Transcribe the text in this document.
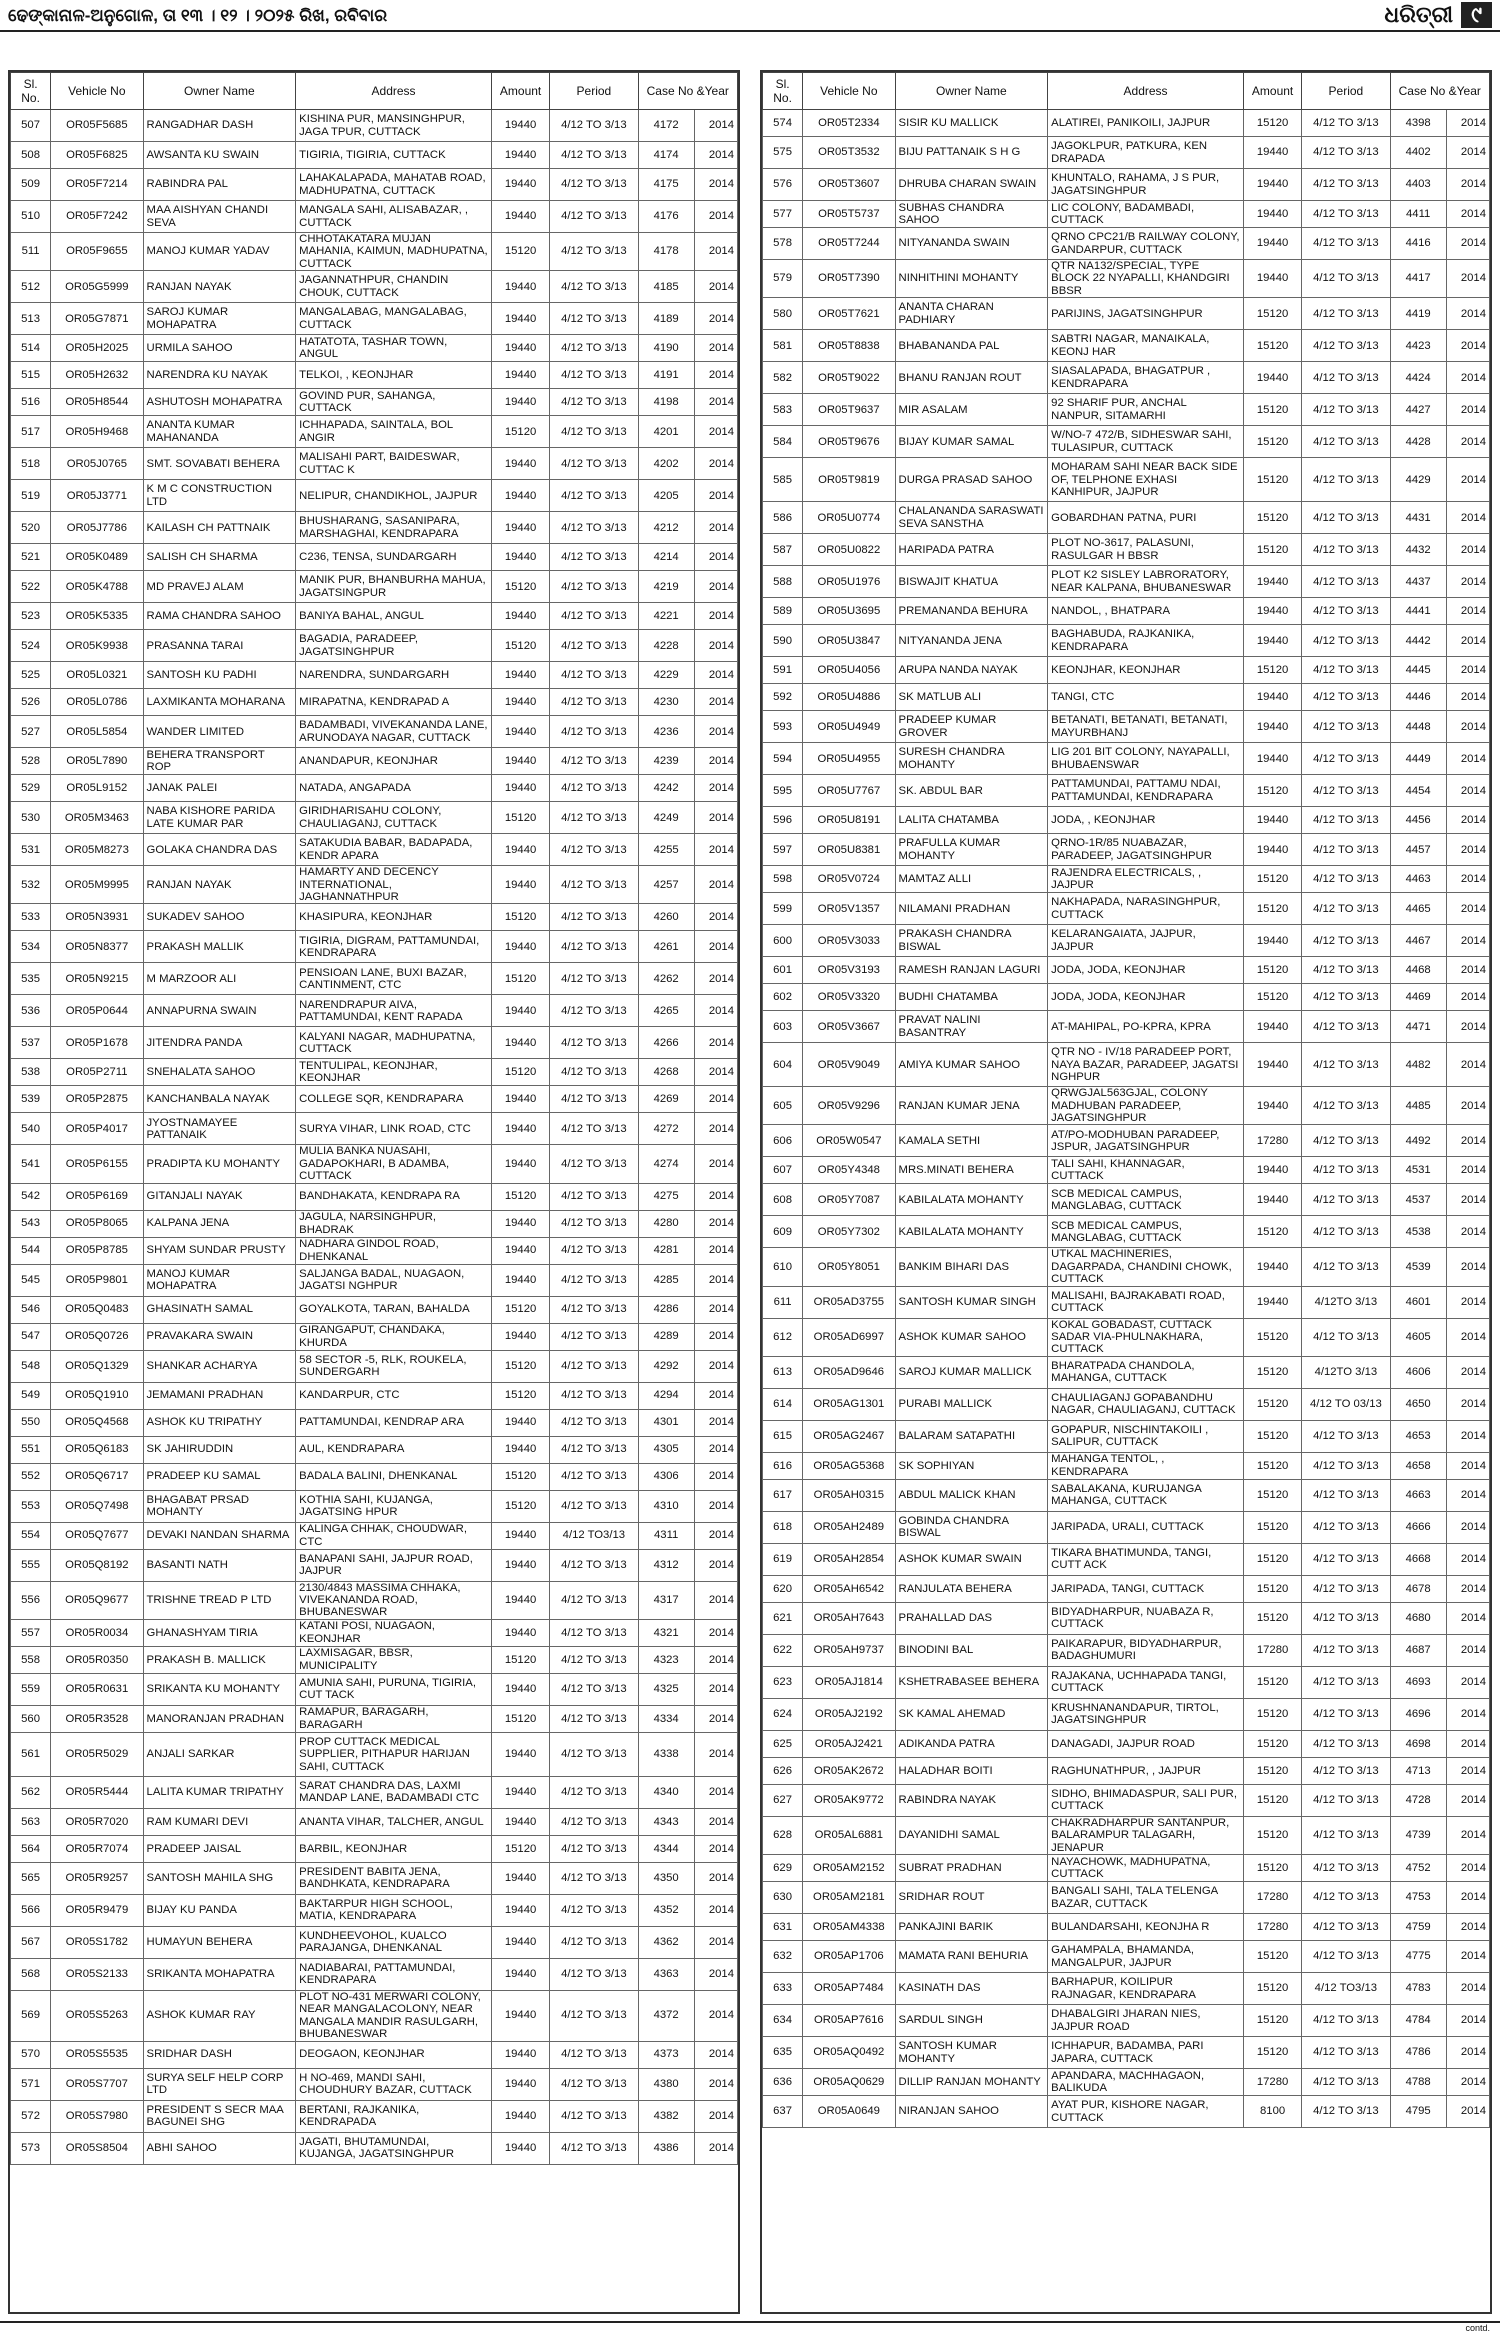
ଢେଙ୍କାନାଳ-ଅନୁଗୋଳ, ତା ୧୩ । ୧୨ । ୨୦୨୫ ରିଖ, ରବିବାର	ଧରିତ୍ରୀ ୯
Sl. No.	Vehicle No	Owner Name	Address	Amount	Period	Case No &Year	
507	OR05F5685	RANGADHAR DASH	KISHINA PUR, MANSINGHPUR, JAGA TPUR, CUTTACK	19440	4/12 TO 3/13	4172	2014
508	OR05F6825	AWSANTA KU SWAIN	TIGIRIA, TIGIRIA, CUTTACK	19440	4/12 TO 3/13	4174	2014
509	OR05F7214	RABINDRA PAL	LAHAKALAPADA, MAHATAB ROAD, MADHUPATNA, CUTTACK	19440	4/12 TO 3/13	4175	2014
510	OR05F7242	MAA AISHYAN CHANDI SEVA	MANGALA SAHI, ALISABAZAR, , CUTTACK	19440	4/12 TO 3/13	4176	2014
511	OR05F9655	MANOJ KUMAR YADAV	CHHOTAKATARA MUJAN MAHANIA, KAIMUN, MADHUPATNA, CUTTACK	15120	4/12 TO 3/13	4178	2014
512	OR05G5999	RANJAN NAYAK	JAGANNATHPUR, CHANDIN CHOUK, CUTTACK	19440	4/12 TO 3/13	4185	2014
513	OR05G7871	SAROJ KUMAR MOHAPATRA	MANGALABAG, MANGALABAG, CUTTACK	19440	4/12 TO 3/13	4189	2014
514	OR05H2025	URMILA SAHOO	HATATOTA, TASHAR TOWN, ANGUL	19440	4/12 TO 3/13	4190	2014
515	OR05H2632	NARENDRA KU NAYAK	TELKOI, , KEONJHAR	19440	4/12 TO 3/13	4191	2014
516	OR05H8544	ASHUTOSH MOHAPATRA	GOVIND PUR, SAHANGA, CUTTACK	19440	4/12 TO 3/13	4198	2014
517	OR05H9468	ANANTA KUMAR MAHANANDA	ICHHAPADA, SAINTALA, BOL ANGIR	15120	4/12 TO 3/13	4201	2014
518	OR05J0765	SMT. SOVABATI BEHERA	MALISAHI PART, BAIDESWAR, CUTTAC K	19440	4/12 TO 3/13	4202	2014
519	OR05J3771	K M C CONSTRUCTION LTD	NELIPUR, CHANDIKHOL, JAJPUR	19440	4/12 TO 3/13	4205	2014
520	OR05J7786	KAILASH CH PATTNAIK	BHUSHARANG, SASANIPARA, MARSHAGHAI, KENDRAPARA	19440	4/12 TO 3/13	4212	2014
521	OR05K0489	SALISH CH SHARMA	C236, TENSA, SUNDARGARH	19440	4/12 TO 3/13	4214	2014
522	OR05K4788	MD PRAVEJ ALAM	MANIK PUR, BHANBURHA MAHUA, JAGATSINGPUR	15120	4/12 TO 3/13	4219	2014
523	OR05K5335	RAMA CHANDRA SAHOO	BANIYA BAHAL, ANGUL	19440	4/12 TO 3/13	4221	2014
524	OR05K9938	PRASANNA TARAI	BAGADIA, PARADEEP, JAGATSINGHPUR	15120	4/12 TO 3/13	4228	2014
525	OR05L0321	SANTOSH KU PADHI	NARENDRA, SUNDARGARH	19440	4/12 TO 3/13	4229	2014
526	OR05L0786	LAXMIKANTA MOHARANA	MIRAPATNA, KENDRAPAD A	19440	4/12 TO 3/13	4230	2014
527	OR05L5854	WANDER LIMITED	BADAMBADI, VIVEKANANDA LANE, ARUNODAYA NAGAR, CUTTACK	19440	4/12 TO 3/13	4236	2014
528	OR05L7890	BEHERA TRANSPORT ROP	ANANDAPUR, KEONJHAR	19440	4/12 TO 3/13	4239	2014
529	OR05L9152	JANAK PALEI	NATADA, ANGAPADA	19440	4/12 TO 3/13	4242	2014
530	OR05M3463	NABA KISHORE PARIDA LATE KUMAR PAR	GIRIDHARISAHU COLONY, CHAULIAGANJ, CUTTACK	15120	4/12 TO 3/13	4249	2014
531	OR05M8273	GOLAKA CHANDRA DAS	SATAKUDIA BABAR, BADAPADA, KENDR APARA	19440	4/12 TO 3/13	4255	2014
532	OR05M9995	RANJAN NAYAK	HAMARTY AND DECENCY INTERNATIONAL, JAGHANNATHPUR	19440	4/12 TO 3/13	4257	2014
533	OR05N3931	SUKADEV SAHOO	KHASIPURA, KEONJHAR	15120	4/12 TO 3/13	4260	2014
534	OR05N8377	PRAKASH MALLIK	TIGIRIA, DIGRAM, PATTAMUNDAI, KENDRAPARA	19440	4/12 TO 3/13	4261	2014
535	OR05N9215	M MARZOOR ALI	PENSIOAN LANE, BUXI BAZAR, CANTINMENT, CTC	15120	4/12 TO 3/13	4262	2014
536	OR05P0644	ANNAPURNA SWAIN	NARENDRAPUR AIVA, PATTAMUNDAI, KENT RAPADA	19440	4/12 TO 3/13	4265	2014
537	OR05P1678	JITENDRA PANDA	KALYANI NAGAR, MADHUPATNA, CUTTACK	19440	4/12 TO 3/13	4266	2014
538	OR05P2711	SNEHALATA SAHOO	TENTULIPAL, KEONJHAR, KEONJHAR	15120	4/12 TO 3/13	4268	2014
539	OR05P2875	KANCHANBALA NAYAK	COLLEGE SQR, KENDRAPARA	19440	4/12 TO 3/13	4269	2014
540	OR05P4017	JYOSTNAMAYEE PATTANAIK	SURYA VIHAR, LINK ROAD, CTC	19440	4/12 TO 3/13	4272	2014
541	OR05P6155	PRADIPTA KU MOHANTY	MULIA BANKA NUASAHI, GADAPOKHARI, B ADAMBA, CUTTACK	19440	4/12 TO 3/13	4274	2014
542	OR05P6169	GITANJALI NAYAK	BANDHAKATA, KENDRAPA RA	15120	4/12 TO 3/13	4275	2014
543	OR05P8065	KALPANA JENA	JAGULA, NARSINGHPUR, BHADRAK	19440	4/12 TO 3/13	4280	2014
544	OR05P8785	SHYAM SUNDAR PRUSTY	NADHARA GINDOL ROAD, DHENKANAL	19440	4/12 TO 3/13	4281	2014
545	OR05P9801	MANOJ KUMAR MOHAPATRA	SALJANGA BADAL, NUAGAON, JAGATSI NGHPUR	19440	4/12 TO 3/13	4285	2014
546	OR05Q0483	GHASINATH SAMAL	GOYALKOTA, TARAN, BAHALDA	15120	4/12 TO 3/13	4286	2014
547	OR05Q0726	PRAVAKARA SWAIN	GIRANGAPUT, CHANDAKA, KHURDA	19440	4/12 TO 3/13	4289	2014
548	OR05Q1329	SHANKAR ACHARYA	58 SECTOR -5, RLK, ROUKELA, SUNDERGARH	15120	4/12 TO 3/13	4292	2014
549	OR05Q1910	JEMAMANI PRADHAN	KANDARPUR, CTC	15120	4/12 TO 3/13	4294	2014
550	OR05Q4568	ASHOK KU TRIPATHY	PATTAMUNDAI, KENDRAP ARA	19440	4/12 TO 3/13	4301	2014
551	OR05Q6183	SK JAHIRUDDIN	AUL, KENDRAPARA	19440	4/12 TO 3/13	4305	2014
552	OR05Q6717	PRADEEP KU SAMAL	BADALA BALINI, DHENKANAL	15120	4/12 TO 3/13	4306	2014
553	OR05Q7498	BHAGABAT PRSAD MOHANTY	KOTHIA SAHI, KUJANGA, JAGATSING HPUR	15120	4/12 TO 3/13	4310	2014
554	OR05Q7677	DEVAKI NANDAN SHARMA	KALINGA CHHAK, CHOUDWAR, CTC	19440	4/12 TO3/13	4311	2014
555	OR05Q8192	BASANTI NATH	BANAPANI SAHI, JAJPUR ROAD, JAJPUR	19440	4/12 TO 3/13	4312	2014
556	OR05Q9677	TRISHNE TREAD P LTD	2130/4843 MASSIMA CHHAKA, VIVEKANANDA ROAD, BHUBANESWAR	19440	4/12 TO 3/13	4317	2014
557	OR05R0034	GHANASHYAM TIRIA	KATANI POSI, NUAGAON, KEONJHAR	19440	4/12 TO 3/13	4321	2014
558	OR05R0350	PRAKASH B. MALLICK	LAXMISAGAR, BBSR, MUNICIPALITY	15120	4/12 TO 3/13	4323	2014
559	OR05R0631	SRIKANTA KU MOHANTY	AMUNIA SAHI, PURUNA, TIGIRIA, CUT TACK	19440	4/12 TO 3/13	4325	2014
560	OR05R3528	MANORANJAN PRADHAN	RAMAPUR, BARAGARH, BARAGARH	15120	4/12 TO 3/13	4334	2014
561	OR05R5029	ANJALI SARKAR	PROP CUTTACK MEDICAL SUPPLIER, PITHAPUR HARIJAN SAHI, CUTTACK	19440	4/12 TO 3/13	4338	2014
562	OR05R5444	LALITA KUMAR TRIPATHY	SARAT CHANDRA DAS, LAXMI MANDAP LANE, BADAMBADI CTC	19440	4/12 TO 3/13	4340	2014
563	OR05R7020	RAM KUMARI DEVI	ANANTA VIHAR, TALCHER, ANGUL	19440	4/12 TO 3/13	4343	2014
564	OR05R7074	PRADEEP JAISAL	BARBIL, KEONJHAR	15120	4/12 TO 3/13	4344	2014
565	OR05R9257	SANTOSH MAHILA SHG	PRESIDENT BABITA JENA, BANDHKATA, KENDRAPARA	19440	4/12 TO 3/13	4350	2014
566	OR05R9479	BIJAY KU PANDA	BAKTARPUR HIGH SCHOOL, MATIA, KENDRAPARA	19440	4/12 TO 3/13	4352	2014
567	OR05S1782	HUMAYUN BEHERA	KUNDHEEVOHOL, KUALCO PARAJANGA, DHENKANAL	19440	4/12 TO 3/13	4362	2014
568	OR05S2133	SRIKANTA MOHAPATRA	NADIABARAI, PATTAMUNDAI, KENDRAPARA	19440	4/12 TO 3/13	4363	2014
569	OR05S5263	ASHOK KUMAR RAY	PLOT NO-431 MERWARI COLONY, NEAR MANGALACOLONY, NEAR MANGALA MANDIR RASULGARH, BHUBANESWAR	19440	4/12 TO 3/13	4372	2014
570	OR05S5535	SRIDHAR DASH	DEOGAON, KEONJHAR	19440	4/12 TO 3/13	4373	2014
571	OR05S7707	SURYA SELF HELP CORP LTD	H NO-469, MANDI SAHI, CHOUDHURY BAZAR, CUTTACK	19440	4/12 TO 3/13	4380	2014
572	OR05S7980	PRESIDENT S SECR MAA BAGUNEI SHG	BERTANI, RAJKANIKA, KENDRAPADA	19440	4/12 TO 3/13	4382	2014
573	OR05S8504	ABHI SAHOO	JAGATI, BHUTAMUNDAI, KUJANGA, JAGATSINGHPUR	19440	4/12 TO 3/13	4386	2014
Sl. No.	Vehicle No	Owner Name	Address	Amount	Period	Case No &Year	
574	OR05T2334	SISIR KU MALLICK	ALATIREI, PANIKOILI, JAJPUR	15120	4/12 TO 3/13	4398	2014
575	OR05T3532	BIJU PATTANAIK S H G	JAGOKLPUR, PATKURA, KEN DRAPADA	19440	4/12 TO 3/13	4402	2014
576	OR05T3607	DHRUBA CHARAN SWAIN	KHUNTALO, RAHAMA, J S PUR, JAGATSINGHPUR	19440	4/12 TO 3/13	4403	2014
577	OR05T5737	SUBHAS CHANDRA SAHOO	LIC COLONY, BADAMBADI, CUTTACK	19440	4/12 TO 3/13	4411	2014
578	OR05T7244	NITYANANDA SWAIN	QRNO CPC21/B RAILWAY COLONY, GANDARPUR, CUTTACK	19440	4/12 TO 3/13	4416	2014
579	OR05T7390	NINHITHINI MOHANTY	QTR NA132/SPECIAL, TYPE BLOCK 22 NYAPALLI, KHANDGIRI BBSR	19440	4/12 TO 3/13	4417	2014
580	OR05T7621	ANANTA CHARAN PADHIARY	PARIJINS, JAGATSINGHPUR	15120	4/12 TO 3/13	4419	2014
581	OR05T8838	BHABANANDA PAL	SABTRI NAGAR, MANAIKALA, KEONJ HAR	15120	4/12 TO 3/13	4423	2014
582	OR05T9022	BHANU RANJAN ROUT	SIASALAPADA, BHAGATPUR , KENDRAPARA	19440	4/12 TO 3/13	4424	2014
583	OR05T9637	MIR ASALAM	92 SHARIF PUR, ANCHAL NANPUR, SITAMARHI	15120	4/12 TO 3/13	4427	2014
584	OR05T9676	BIJAY KUMAR SAMAL	W/NO-7 472/B, SIDHESWAR SAHI, TULASIPUR, CUTTACK	15120	4/12 TO 3/13	4428	2014
585	OR05T9819	DURGA PRASAD SAHOO	MOHARAM SAHI NEAR BACK SIDE OF, TELPHONE EXHASI KANHIPUR, JAJPUR	15120	4/12 TO 3/13	4429	2014
586	OR05U0774	CHALANANDA SARASWATI SEVA SANSTHA	GOBARDHAN PATNA, PURI	15120	4/12 TO 3/13	4431	2014
587	OR05U0822	HARIPADA PATRA	PLOT NO-3617, PALASUNI, RASULGAR H BBSR	15120	4/12 TO 3/13	4432	2014
588	OR05U1976	BISWAJIT KHATUA	PLOT K2 SISLEY LABRORATORY, NEAR KALPANA, BHUBANESWAR	19440	4/12 TO 3/13	4437	2014
589	OR05U3695	PREMANANDA BEHURA	NANDOL, , BHATPARA	19440	4/12 TO 3/13	4441	2014
590	OR05U3847	NITYANANDA JENA	BAGHABUDA, RAJKANIKA, KENDRAPARA	19440	4/12 TO 3/13	4442	2014
591	OR05U4056	ARUPA NANDA NAYAK	KEONJHAR, KEONJHAR	15120	4/12 TO 3/13	4445	2014
592	OR05U4886	SK MATLUB ALI	TANGI, CTC	19440	4/12 TO 3/13	4446	2014
593	OR05U4949	PRADEEP KUMAR GROVER	BETANATI, BETANATI, BETANATI, MAYURBHANJ	19440	4/12 TO 3/13	4448	2014
594	OR05U4955	SURESH CHANDRA MOHANTY	LIG 201 BIT COLONY, NAYAPALLI, BHUBAENSWAR	19440	4/12 TO 3/13	4449	2014
595	OR05U7767	SK. ABDUL BAR	PATTAMUNDAI, PATTAMU NDAI, PATTAMUNDAI, KENDRAPARA	15120	4/12 TO 3/13	4454	2014
596	OR05U8191	LALITA CHATAMBA	JODA, , KEONJHAR	19440	4/12 TO 3/13	4456	2014
597	OR05U8381	PRAFULLA KUMAR MOHANTY	QRNO-1R/85 NUABAZAR, PARADEEP, JAGATSINGHPUR	19440	4/12 TO 3/13	4457	2014
598	OR05V0724	MAMTAZ ALLI	RAJENDRA ELECTRICALS, , JAJPUR	15120	4/12 TO 3/13	4463	2014
599	OR05V1357	NILAMANI PRADHAN	NAKHAPADA, NARASINGHPUR, CUTTACK	15120	4/12 TO 3/13	4465	2014
600	OR05V3033	PRAKASH CHANDRA BISWAL	KELARANGAIATA, JAJPUR, JAJPUR	19440	4/12 TO 3/13	4467	2014
601	OR05V3193	RAMESH RANJAN LAGURI	JODA, JODA, KEONJHAR	15120	4/12 TO 3/13	4468	2014
602	OR05V3320	BUDHI CHATAMBA	JODA, JODA, KEONJHAR	15120	4/12 TO 3/13	4469	2014
603	OR05V3667	PRAVAT NALINI BASANTRAY	AT-MAHIPAL, PO-KPRA, KPRA	19440	4/12 TO 3/13	4471	2014
604	OR05V9049	AMIYA KUMAR SAHOO	QTR NO - IV/18 PARADEEP PORT, NAYA BAZAR, PARADEEP, JAGATSI NGHPUR	19440	4/12 TO 3/13	4482	2014
605	OR05V9296	RANJAN KUMAR JENA	QRWGJAL563GJAL, COLONY MADHUBAN PARADEEP, JAGATSINGHPUR	19440	4/12 TO 3/13	4485	2014
606	OR05W0547	KAMALA SETHI	AT/PO-MODHUBAN PARADEEP, JSPUR, JAGATSINGHPUR	17280	4/12 TO 3/13	4492	2014
607	OR05Y4348	MRS.MINATI BEHERA	TALI SAHI, KHANNAGAR, CUTTACK	19440	4/12 TO 3/13	4531	2014
608	OR05Y7087	KABILALATA MOHANTY	SCB MEDICAL CAMPUS, MANGLABAG, CUTTACK	19440	4/12 TO 3/13	4537	2014
609	OR05Y7302	KABILALATA MOHANTY	SCB MEDICAL CAMPUS, MANGLABAG, CUTTACK	15120	4/12 TO 3/13	4538	2014
610	OR05Y8051	BANKIM BIHARI DAS	UTKAL MACHINERIES, DAGARPADA, CHANDINI CHOWK, CUTTACK	19440	4/12 TO 3/13	4539	2014
611	OR05AD3755	SANTOSH KUMAR SINGH	MALISAHI, BAJRAKABATI ROAD, CUTTACK	19440	4/12TO 3/13	4601	2014
612	OR05AD6997	ASHOK KUMAR SAHOO	KOKAL GOBADAST, CUTTACK SADAR VIA-PHULNAKHARA, CUTTACK	15120	4/12 TO 3/13	4605	2014
613	OR05AD9646	SAROJ KUMAR MALLICK	BHARATPADA CHANDOLA, MAHANGA, CUTTACK	15120	4/12TO 3/13	4606	2014
614	OR05AG1301	PURABI MALLICK	CHAULIAGANJ GOPABANDHU NAGAR, CHAULIAGANJ, CUTTACK	15120	4/12 TO 03/13	4650	2014
615	OR05AG2467	BALARAM SATAPATHI	GOPAPUR, NISCHINTAKOILI , SALIPUR, CUTTACK	15120	4/12 TO 3/13	4653	2014
616	OR05AG5368	SK SOPHIYAN	MAHANGA TENTOL, , KENDRAPARA	15120	4/12 TO 3/13	4658	2014
617	OR05AH0315	ABDUL MALICK KHAN	SABALAKANA, KURUJANGA MAHANGA, CUTTACK	15120	4/12 TO 3/13	4663	2014
618	OR05AH2489	GOBINDA CHANDRA BISWAL	JARIPADA, URALI, CUTTACK	15120	4/12 TO 3/13	4666	2014
619	OR05AH2854	ASHOK KUMAR SWAIN	TIKARA BHATIMUNDA, TANGI, CUTT ACK	15120	4/12 TO 3/13	4668	2014
620	OR05AH6542	RANJULATA BEHERA	JARIPADA, TANGI, CUTTACK	15120	4/12 TO 3/13	4678	2014
621	OR05AH7643	PRAHALLAD DAS	BIDYADHARPUR, NUABAZA R, CUTTACK	15120	4/12 TO 3/13	4680	2014
622	OR05AH9737	BINODINI BAL	PAIKARAPUR, BIDYADHARPUR, BADAGHUMURI	17280	4/12 TO 3/13	4687	2014
623	OR05AJ1814	KSHETRABASEE BEHERA	RAJAKANA, UCHHAPADA TANGI, CUTTACK	15120	4/12 TO 3/13	4693	2014
624	OR05AJ2192	SK KAMAL AHEMAD	KRUSHNANANDAPUR, TIRTOL, JAGATSINGHPUR	15120	4/12 TO 3/13	4696	2014
625	OR05AJ2421	ADIKANDA PATRA	DANAGADI, JAJPUR ROAD	15120	4/12 TO 3/13	4698	2014
626	OR05AK2672	HALADHAR BOITI	RAGHUNATHPUR, , JAJPUR	15120	4/12 TO 3/13	4713	2014
627	OR05AK9772	RABINDRA NAYAK	SIDHO, BHIMADASPUR, SALI PUR, CUTTACK	15120	4/12 TO 3/13	4728	2014
628	OR05AL6881	DAYANIDHI SAMAL	CHAKRADHARPUR SANTANPUR, BALARAMPUR TALAGARH, JENAPUR	15120	4/12 TO 3/13	4739	2014
629	OR05AM2152	SUBRAT PRADHAN	NAYACHOWK, MADHUPATNA, CUTTACK	15120	4/12 TO 3/13	4752	2014
630	OR05AM2181	SRIDHAR ROUT	BANGALI SAHI, TALA TELENGA BAZAR, CUTTACK	17280	4/12 TO 3/13	4753	2014
631	OR05AM4338	PANKAJINI BARIK	BULANDARSAHI, KEONJHA R	17280	4/12 TO 3/13	4759	2014
632	OR05AP1706	MAMATA RANI BEHURIA	GAHAMPALA, BHAMANDA, MANGALPUR, JAJPUR	15120	4/12 TO 3/13	4775	2014
633	OR05AP7484	KASINATH DAS	BARHAPUR, KOILIPUR RAJNAGAR, KENDRAPARA	15120	4/12 TO3/13	4783	2014
634	OR05AP7616	SARDUL SINGH	DHABALGIRI JHARAN NIES, JAJPUR ROAD	15120	4/12 TO 3/13	4784	2014
635	OR05AQ0492	SANTOSH KUMAR MOHANTY	ICHHAPUR, BADAMBA, PARI JAPARA, CUTTACK	15120	4/12 TO 3/13	4786	2014
636	OR05AQ0629	DILLIP RANJAN MOHANTY	APANDARA, MACHHAGAON, BALIKUDA	17280	4/12 TO 3/13	4788	2014
637	OR05A0649	NIRANJAN SAHOO	AYAT PUR, KISHORE NAGAR, CUTTACK	8100	4/12 TO 3/13	4795	2014
contd.
